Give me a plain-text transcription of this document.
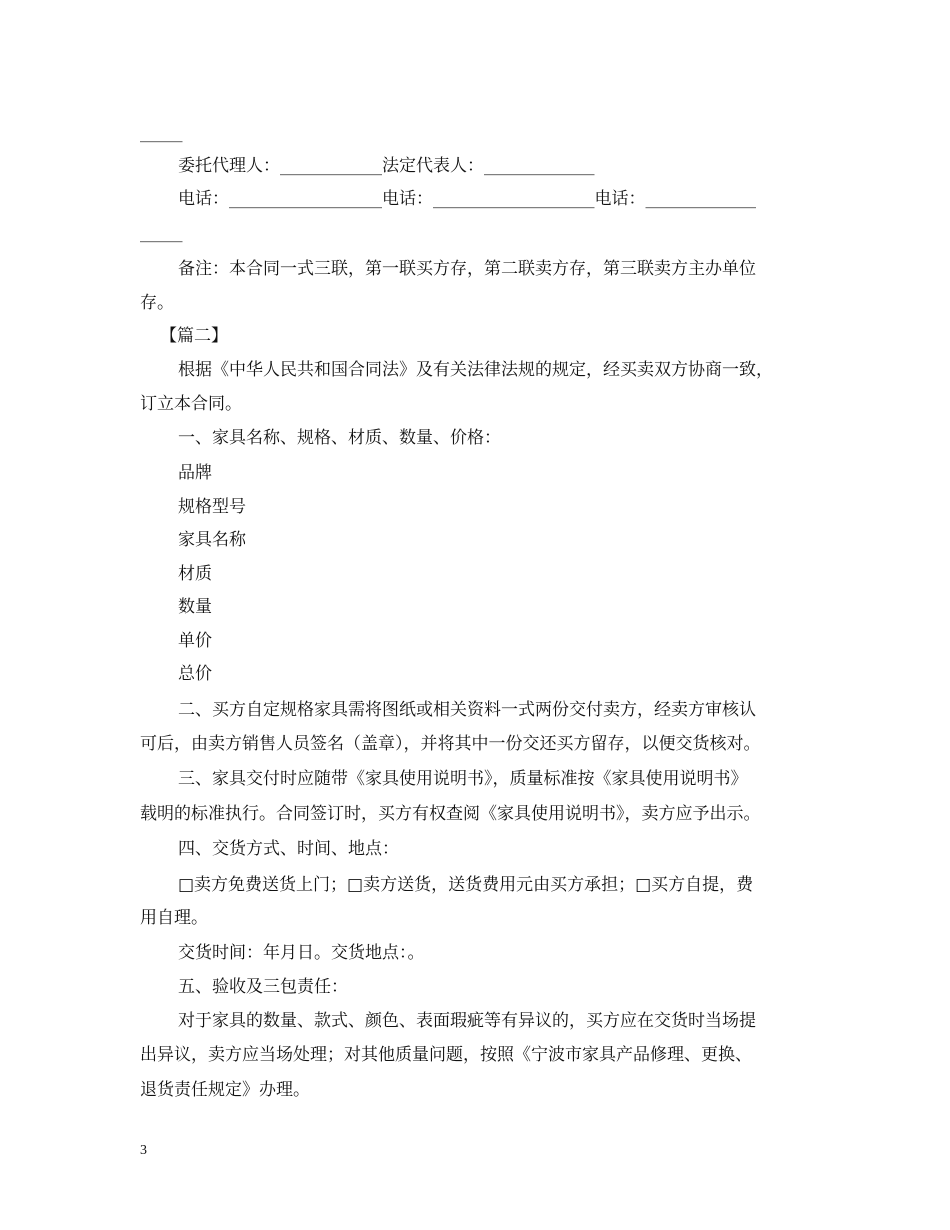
_____
委托代理人：____________法定代表人：_____________
电话：__________________电话：___________________电话：_____________
_____
备注：本合同一式三联，第一联买方存，第二联卖方存，第三联卖方主办单位
存。
【篇二】
根据《中华人民共和国合同法》及有关法律法规的规定，经买卖双方协商一致，
订立本合同。
一、家具名称、规格、材质、数量、价格：
品牌
规格型号
家具名称
材质
数量
单价
总价
二、买方自定规格家具需将图纸或相关资料一式两份交付卖方，经卖方审核认
可后，由卖方销售人员签名（盖章），并将其中一份交还买方留存，以便交货核对。
三、家具交付时应随带《家具使用说明书》，质量标准按《家具使用说明书》
载明的标准执行。合同签订时，买方有权查阅《家具使用说明书》，卖方应予出示。
四、交货方式、时间、地点：
□卖方免费送货上门；□卖方送货，送货费用元由买方承担；□买方自提，费
用自理。
交货时间：年月日。交货地点：。
五、验收及三包责任：
对于家具的数量、款式、颜色、表面瑕疵等有异议的，买方应在交货时当场提
出异议，卖方应当场处理；对其他质量问题，按照《宁波市家具产品修理、更换、
退货责任规定》办理。
3
